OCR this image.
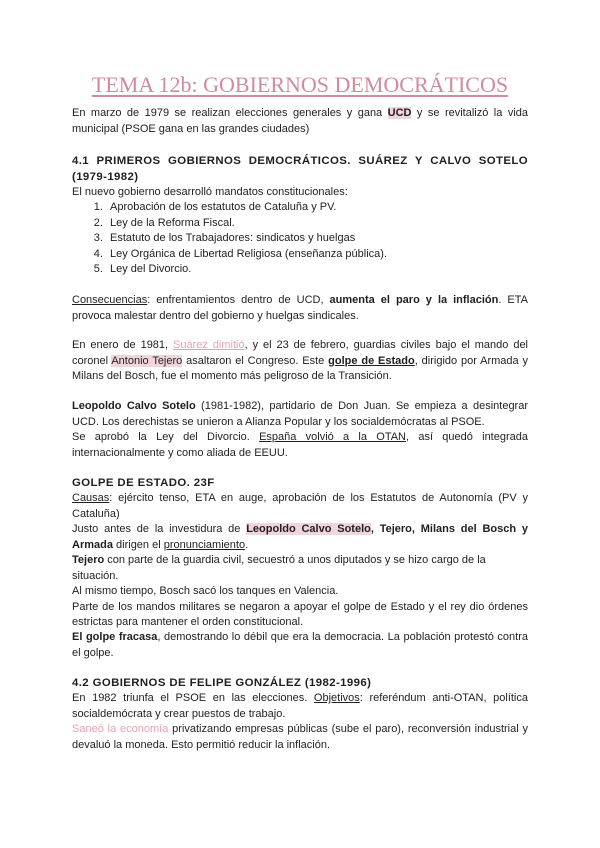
TEMA 12b: GOBIERNOS DEMOCRÁTICOS
En marzo de 1979 se realizan elecciones generales y gana UCD y se revitalizó la vida municipal (PSOE gana en las grandes ciudades)
4.1 PRIMEROS GOBIERNOS DEMOCRÁTICOS. SUÁREZ Y CALVO SOTELO (1979-1982)
El nuevo gobierno desarrolló mandatos constitucionales:
1. Aprobación de los estatutos de Cataluña y PV.
2. Ley de la Reforma Fiscal.
3. Estatuto de los Trabajadores: sindicatos y huelgas
4. Ley Orgánica de Libertad Religiosa (enseñanza pública).
5. Ley del Divorcio.
Consecuencias: enfrentamientos dentro de UCD, aumenta el paro y la inflación. ETA provoca malestar dentro del gobierno y huelgas sindicales.
En enero de 1981, Suárez dimitió, y el 23 de febrero, guardias civiles bajo el mando del coronel Antonio Tejero asaltaron el Congreso. Este golpe de Estado, dirigido por Armada y Milans del Bosch, fue el momento más peligroso de la Transición.
Leopoldo Calvo Sotelo (1981-1982), partidario de Don Juan. Se empieza a desintegrar UCD. Los derechistas se unieron a Alianza Popular y los socialdemócratas al PSOE.
Se aprobó la Ley del Divorcio. España volvió a la OTAN, así quedó integrada internacionalmente y como aliada de EEUU.
GOLPE DE ESTADO. 23F
Causas: ejército tenso, ETA en auge, aprobación de los Estatutos de Autonomía (PV y Cataluña)
Justo antes de la investidura de Leopoldo Calvo Sotelo, Tejero, Milans del Bosch y Armada dirigen el pronunciamiento.
Tejero con parte de la guardia civil, secuestró a unos diputados y se hizo cargo de la situación.
Al mismo tiempo, Bosch sacó los tanques en Valencia.
Parte de los mandos militares se negaron a apoyar el golpe de Estado y el rey dio órdenes estrictas para mantener el orden constitucional.
El golpe fracasa, demostrando lo débil que era la democracia. La población protestó contra el golpe.
4.2 GOBIERNOS DE FELIPE GONZÁLEZ (1982-1996)
En 1982 triunfa el PSOE en las elecciones. Objetivos: referéndum anti-OTAN, política socialdemócrata y crear puestos de trabajo.
Saneó la economía privatizando empresas públicas (sube el paro), reconversión industrial y devaluó la moneda. Esto permitió reducir la inflación.
